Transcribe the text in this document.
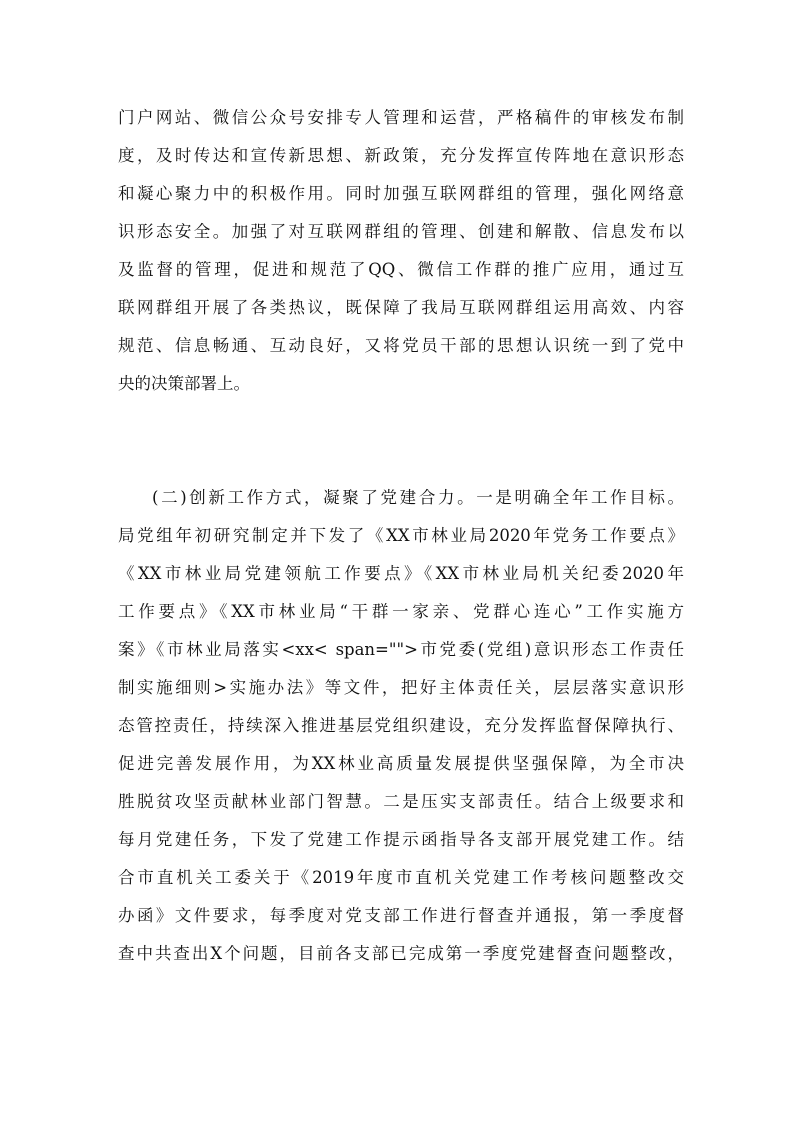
门户网站、微信公众号安排专人管理和运营，严格稿件的审核发布制
度，及时传达和宣传新思想、新政策，充分发挥宣传阵地在意识形态
和凝心聚力中的积极作用。同时加强互联网群组的管理，强化网络意
识形态安全。加强了对互联网群组的管理、创建和解散、信息发布以
及监督的管理，促进和规范了QQ、微信工作群的推广应用，通过互
联网群组开展了各类热议，既保障了我局互联网群组运用高效、内容
规范、信息畅通、互动良好，又将党员干部的思想认识统一到了党中
央的决策部署上。
(二)创新工作方式，凝聚了党建合力。一是明确全年工作目标。
局党组年初研究制定并下发了《XX市林业局2020年党务工作要点》
《XX市林业局党建领航工作要点》《XX市林业局机关纪委2020年
工作要点》《XX市林业局“干群一家亲、党群心连心”工作实施方
案》《市林业局落实<xx< span="">市党委(党组)意识形态工作责任
制实施细则>实施办法》等文件，把好主体责任关，层层落实意识形
态管控责任，持续深入推进基层党组织建设，充分发挥监督保障执行、
促进完善发展作用，为XX林业高质量发展提供坚强保障，为全市决
胜脱贫攻坚贡献林业部门智慧。二是压实支部责任。结合上级要求和
每月党建任务，下发了党建工作提示函指导各支部开展党建工作。结
合市直机关工委关于《2019年度市直机关党建工作考核问题整改交
办函》文件要求，每季度对党支部工作进行督查并通报，第一季度督
查中共查出X个问题，目前各支部已完成第一季度党建督查问题整改，
